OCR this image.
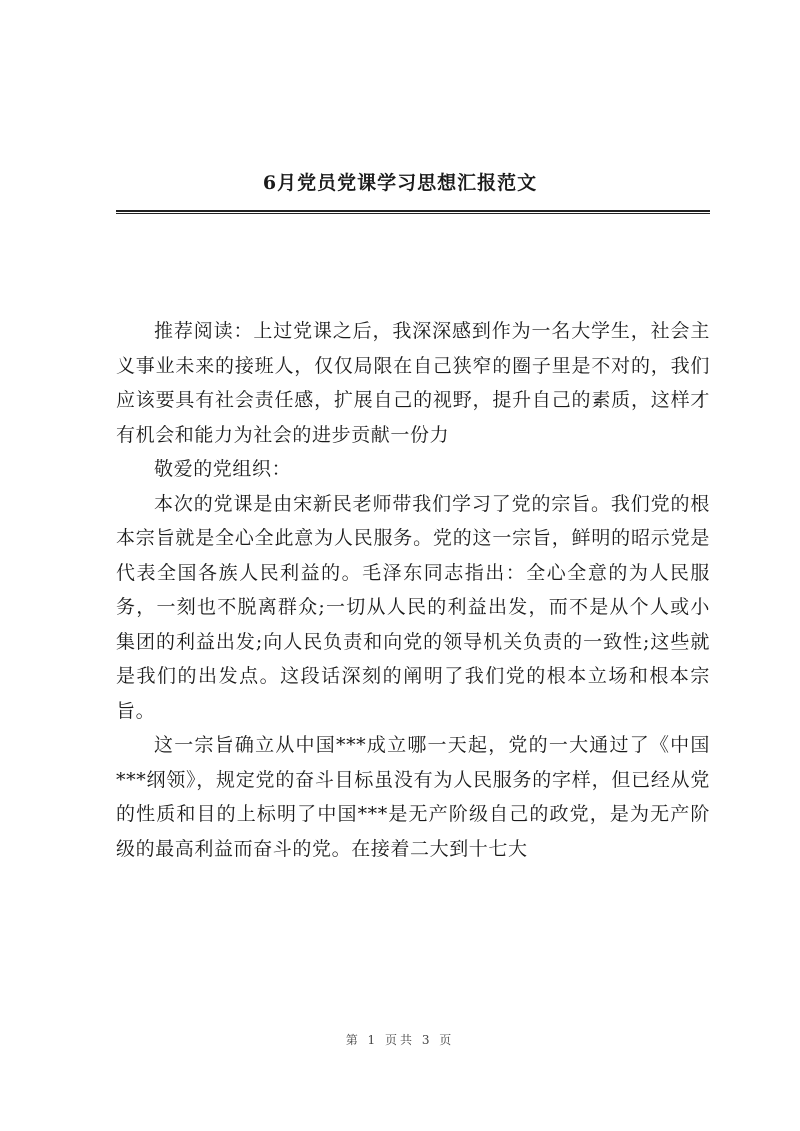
6月党员党课学习思想汇报范文

推荐阅读：上过党课之后，我深深感到作为一名大学生，社会主义事业未来的接班人，仅仅局限在自己狭窄的圈子里是不对的，我们应该要具有社会责任感，扩展自己的视野，提升自己的素质，这样才有机会和能力为社会的进步贡献一份力

敬爱的党组织：

本次的党课是由宋新民老师带我们学习了党的宗旨。我们党的根本宗旨就是全心全此意为人民服务。党的这一宗旨，鲜明的昭示党是代表全国各族人民利益的。毛泽东同志指出：全心全意的为人民服务，一刻也不脱离群众;一切从人民的利益出发，而不是从个人或小集团的利益出发;向人民负责和向党的领导机关负责的一致性;这些就是我们的出发点。这段话深刻的阐明了我们党的根本立场和根本宗旨。

这一宗旨确立从中国***成立哪一天起，党的一大通过了《中国***纲领》，规定党的奋斗目标虽没有为人民服务的字样，但已经从党的性质和目的上标明了中国***是无产阶级自己的政党，是为无产阶级的最高利益而奋斗的党。在接着二大到十七大

第 1 页共 3 页
